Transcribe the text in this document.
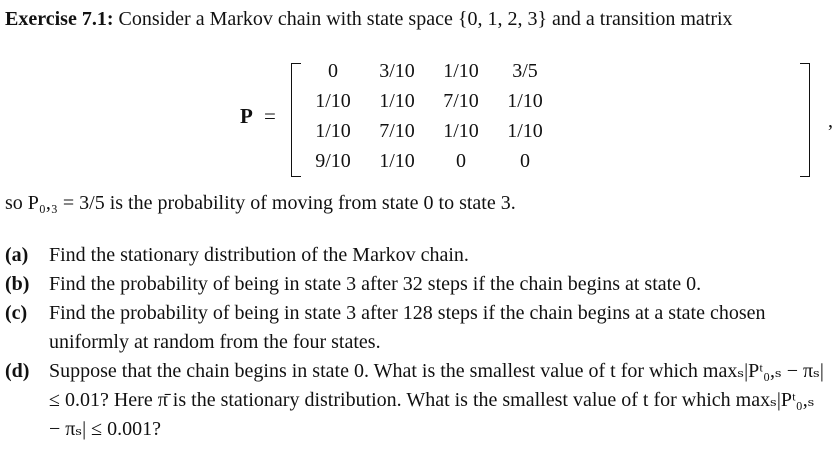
Exercise 7.1: Consider a Markov chain with state space {0, 1, 2, 3} and a transition matrix
P =	,
0	3/10	1/10	3/5
1/10	1/10	7/10	1/10
1/10	7/10	1/10	1/10
9/10	1/10	0	0
so P₀,₃ = 3/5 is the probability of moving from state 0 to state 3.
(a)	Find the stationary distribution of the Markov chain.
(b) Find the probability of being in state 3 after 32 steps if the chain begins at state 0.
(c)	Find the probability of being in state 3 after 128 steps if the chain begins at a state chosen uniformly at random from the four states.
(d) Suppose that the chain begins in state 0. What is the smallest value of t for which maxₛ|Pᵗ₀,ₛ − πₛ| ≤ 0.01? Here π̄ is the stationary distribution. What is the smallest value of t for which maxₛ|Pᵗ₀,ₛ − πₛ| ≤ 0.001?
